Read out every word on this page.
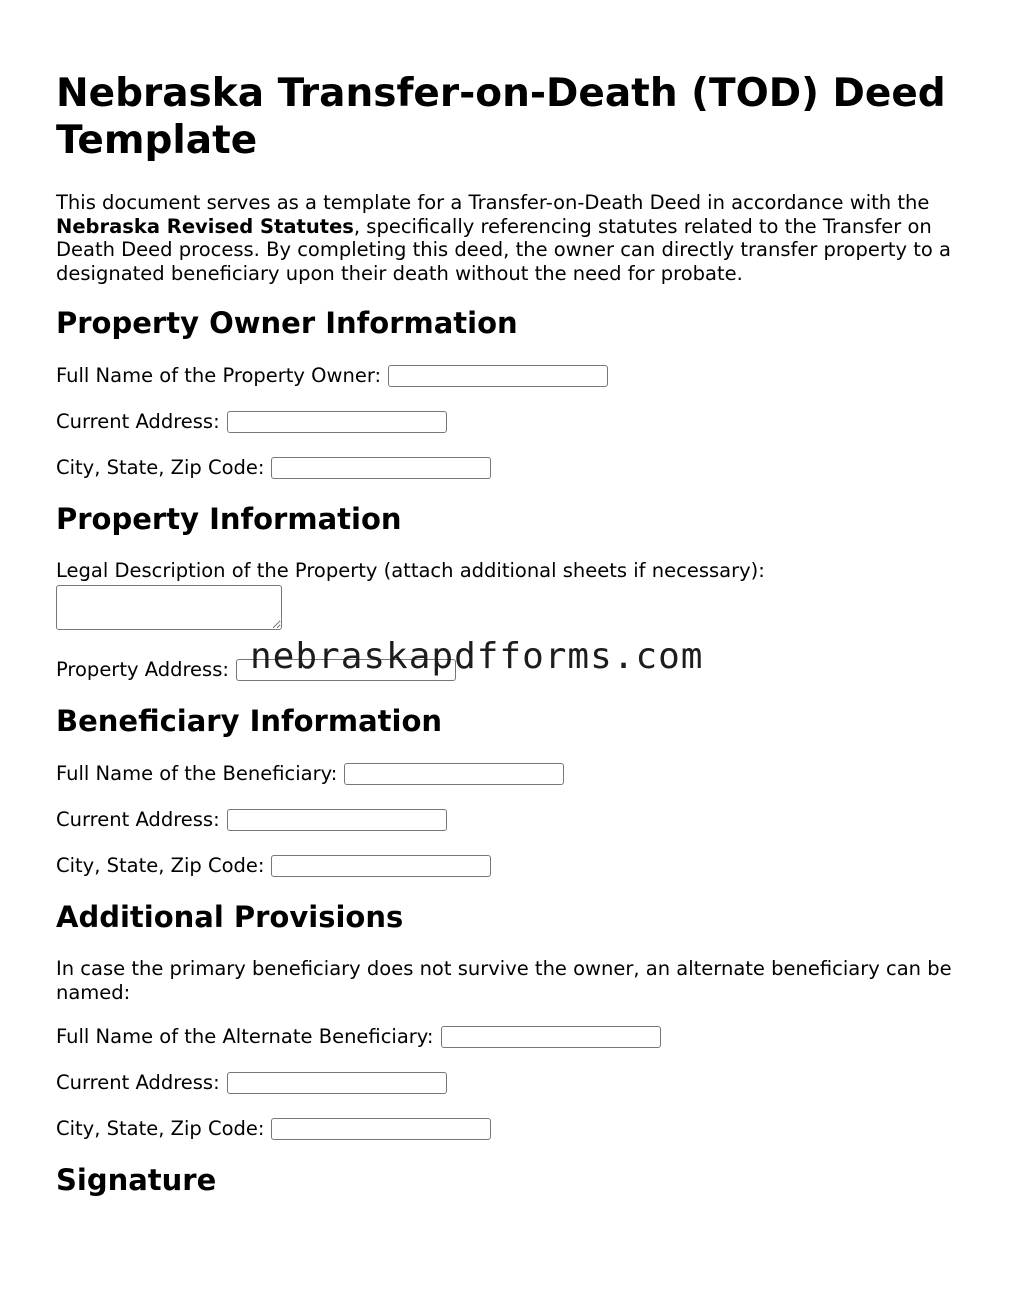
Nebraska Transfer-on-Death (TOD) Deed Template

This document serves as a template for a Transfer-on-Death Deed in accordance with the Nebraska Revised Statutes, specifically referencing statutes related to the Transfer on Death Deed process. By completing this deed, the owner can directly transfer property to a designated beneficiary upon their death without the need for probate.

Property Owner Information
Full Name of the Property Owner:
Current Address:
City, State, Zip Code:
Property Information
Legal Description of the Property (attach additional sheets if necessary):
Property Address:
Beneficiary Information
Full Name of the Beneficiary:
Current Address:
City, State, Zip Code:
Additional Provisions

In case the primary beneficiary does not survive the owner, an alternate beneficiary can be named:

Full Name of the Alternate Beneficiary:
Current Address:
City, State, Zip Code:
Signature
nebraskapdfforms.com
